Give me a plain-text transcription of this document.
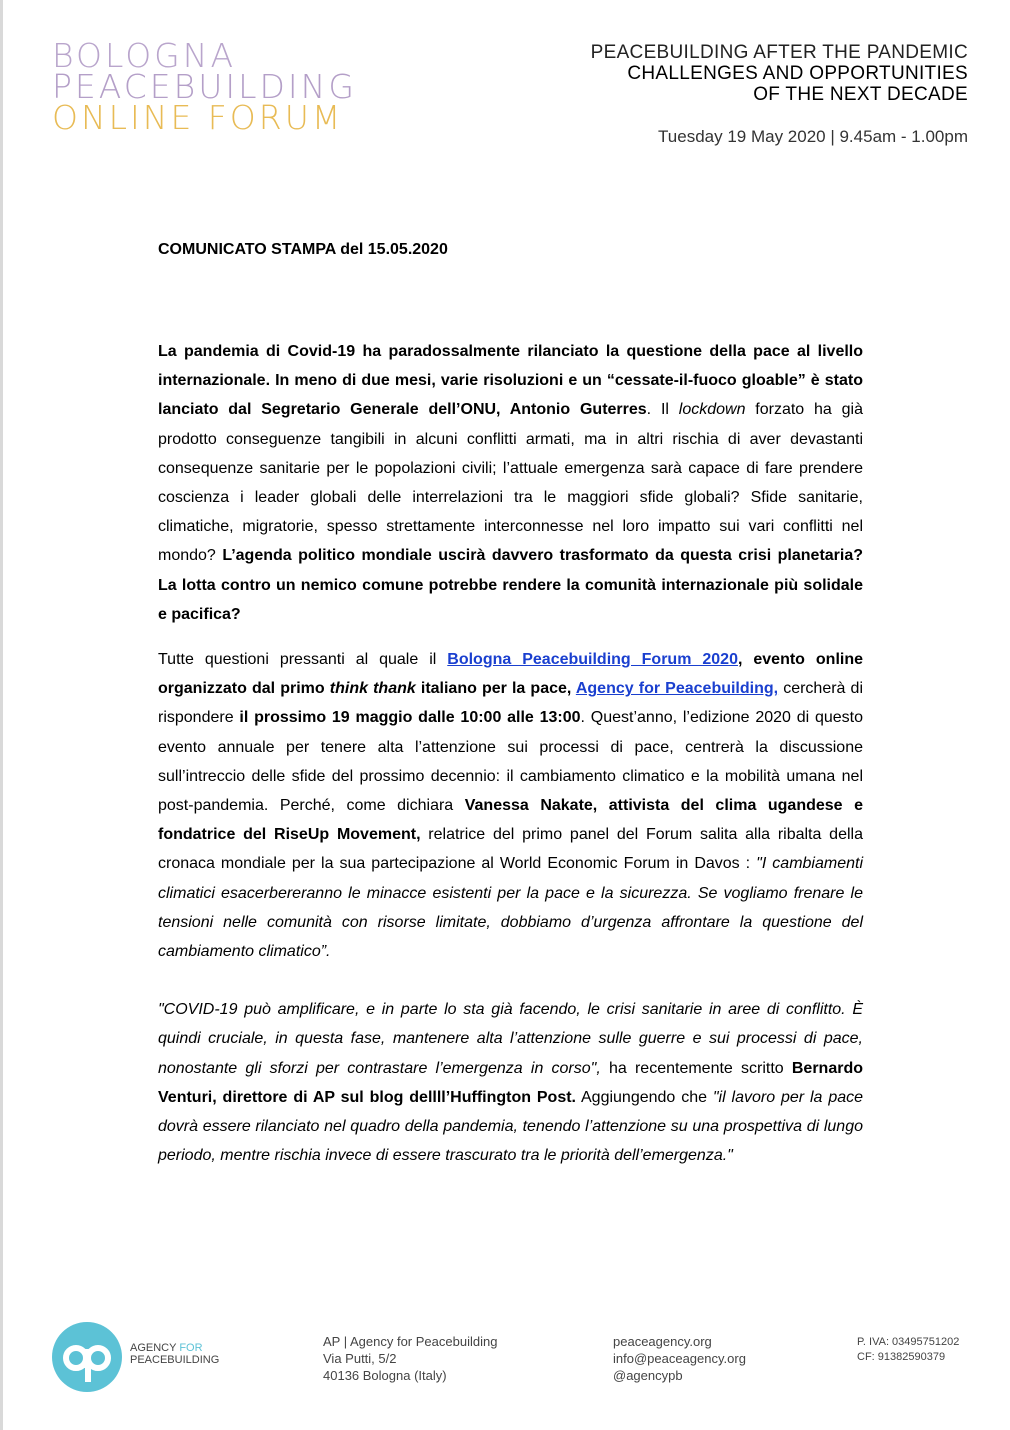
BOLOGNA
PEACEBUILDING
ONLINE FORUM
PEACEBUILDING AFTER THE PANDEMIC
CHALLENGES AND OPPORTUNITIES
OF THE NEXT DECADE
Tuesday 19 May 2020 | 9.45am - 1.00pm
COMUNICATO STAMPA del 15.05.2020

La pandemia di Covid-19 ha paradossalmente rilanciato la questione della pace al livello internazionale. In meno di due mesi, varie risoluzioni e un “cessate-il-fuoco gloable” è stato lanciato dal Segretario Generale dell’ONU, Antonio Guterres. Il lockdown forzato ha già prodotto conseguenze tangibili in alcuni conflitti armati, ma in altri rischia di aver devastanti consequenze sanitarie per le popolazioni civili; l’attuale emergenza sarà capace di fare prendere coscienza i leader globali delle interrelazioni tra le maggiori sfide globali? Sfide sanitarie, climatiche, migratorie, spesso strettamente interconnesse nel loro impatto sui vari conflitti nel mondo? L’agenda politico mondiale uscirà davvero trasformato da questa crisi planetaria? La lotta contro un nemico comune potrebbe rendere la comunità internazionale più solidale e pacifica?

Tutte questioni pressanti al quale il Bologna Peacebuilding Forum 2020, evento online organizzato dal primo think thank italiano per la pace, Agency for Peacebuilding, cercherà di rispondere il prossimo 19 maggio dalle 10:00 alle 13:00. Quest’anno, l’edizione 2020 di questo evento annuale per tenere alta l’attenzione sui processi di pace, centrerà la discussione sull’intreccio delle sfide del prossimo decennio: il cambiamento climatico e la mobilità umana nel post-pandemia. Perché, come dichiara Vanessa Nakate, attivista del clima ugandese e fondatrice del RiseUp Movement, relatrice del primo panel del Forum salita alla ribalta della cronaca mondiale per la sua partecipazione al World Economic Forum in Davos : "I cambiamenti climatici esacerbereranno le minacce esistenti per la pace e la sicurezza. Se vogliamo frenare le tensioni nelle comunità con risorse limitate, dobbiamo d’urgenza affrontare la questione del cambiamento climatico”.

"COVID-19 può amplificare, e in parte lo sta già facendo, le crisi sanitarie in aree di conflitto. È quindi cruciale, in questa fase, mantenere alta l’attenzione sulle guerre e sui processi di pace, nonostante gli sforzi per contrastare l’emergenza in corso", ha recentemente scritto Bernardo Venturi, direttore di AP sul blog dellll’Huffington Post. Aggiungendo che "il lavoro per la pace dovrà essere rilanciato nel quadro della pandemia, tenendo l’attenzione su una prospettiva di lungo periodo, mentre rischia invece di essere trascurato tra le priorità dell’emergenza."

AGENCY FOR
PEACEBUILDING
AP | Agency for Peacebuilding
Via Putti, 5/2
40136 Bologna (Italy)
peaceagency.org
info@peaceagency.org
@agencypb
P. IVA: 03495751202
CF: 91382590379
